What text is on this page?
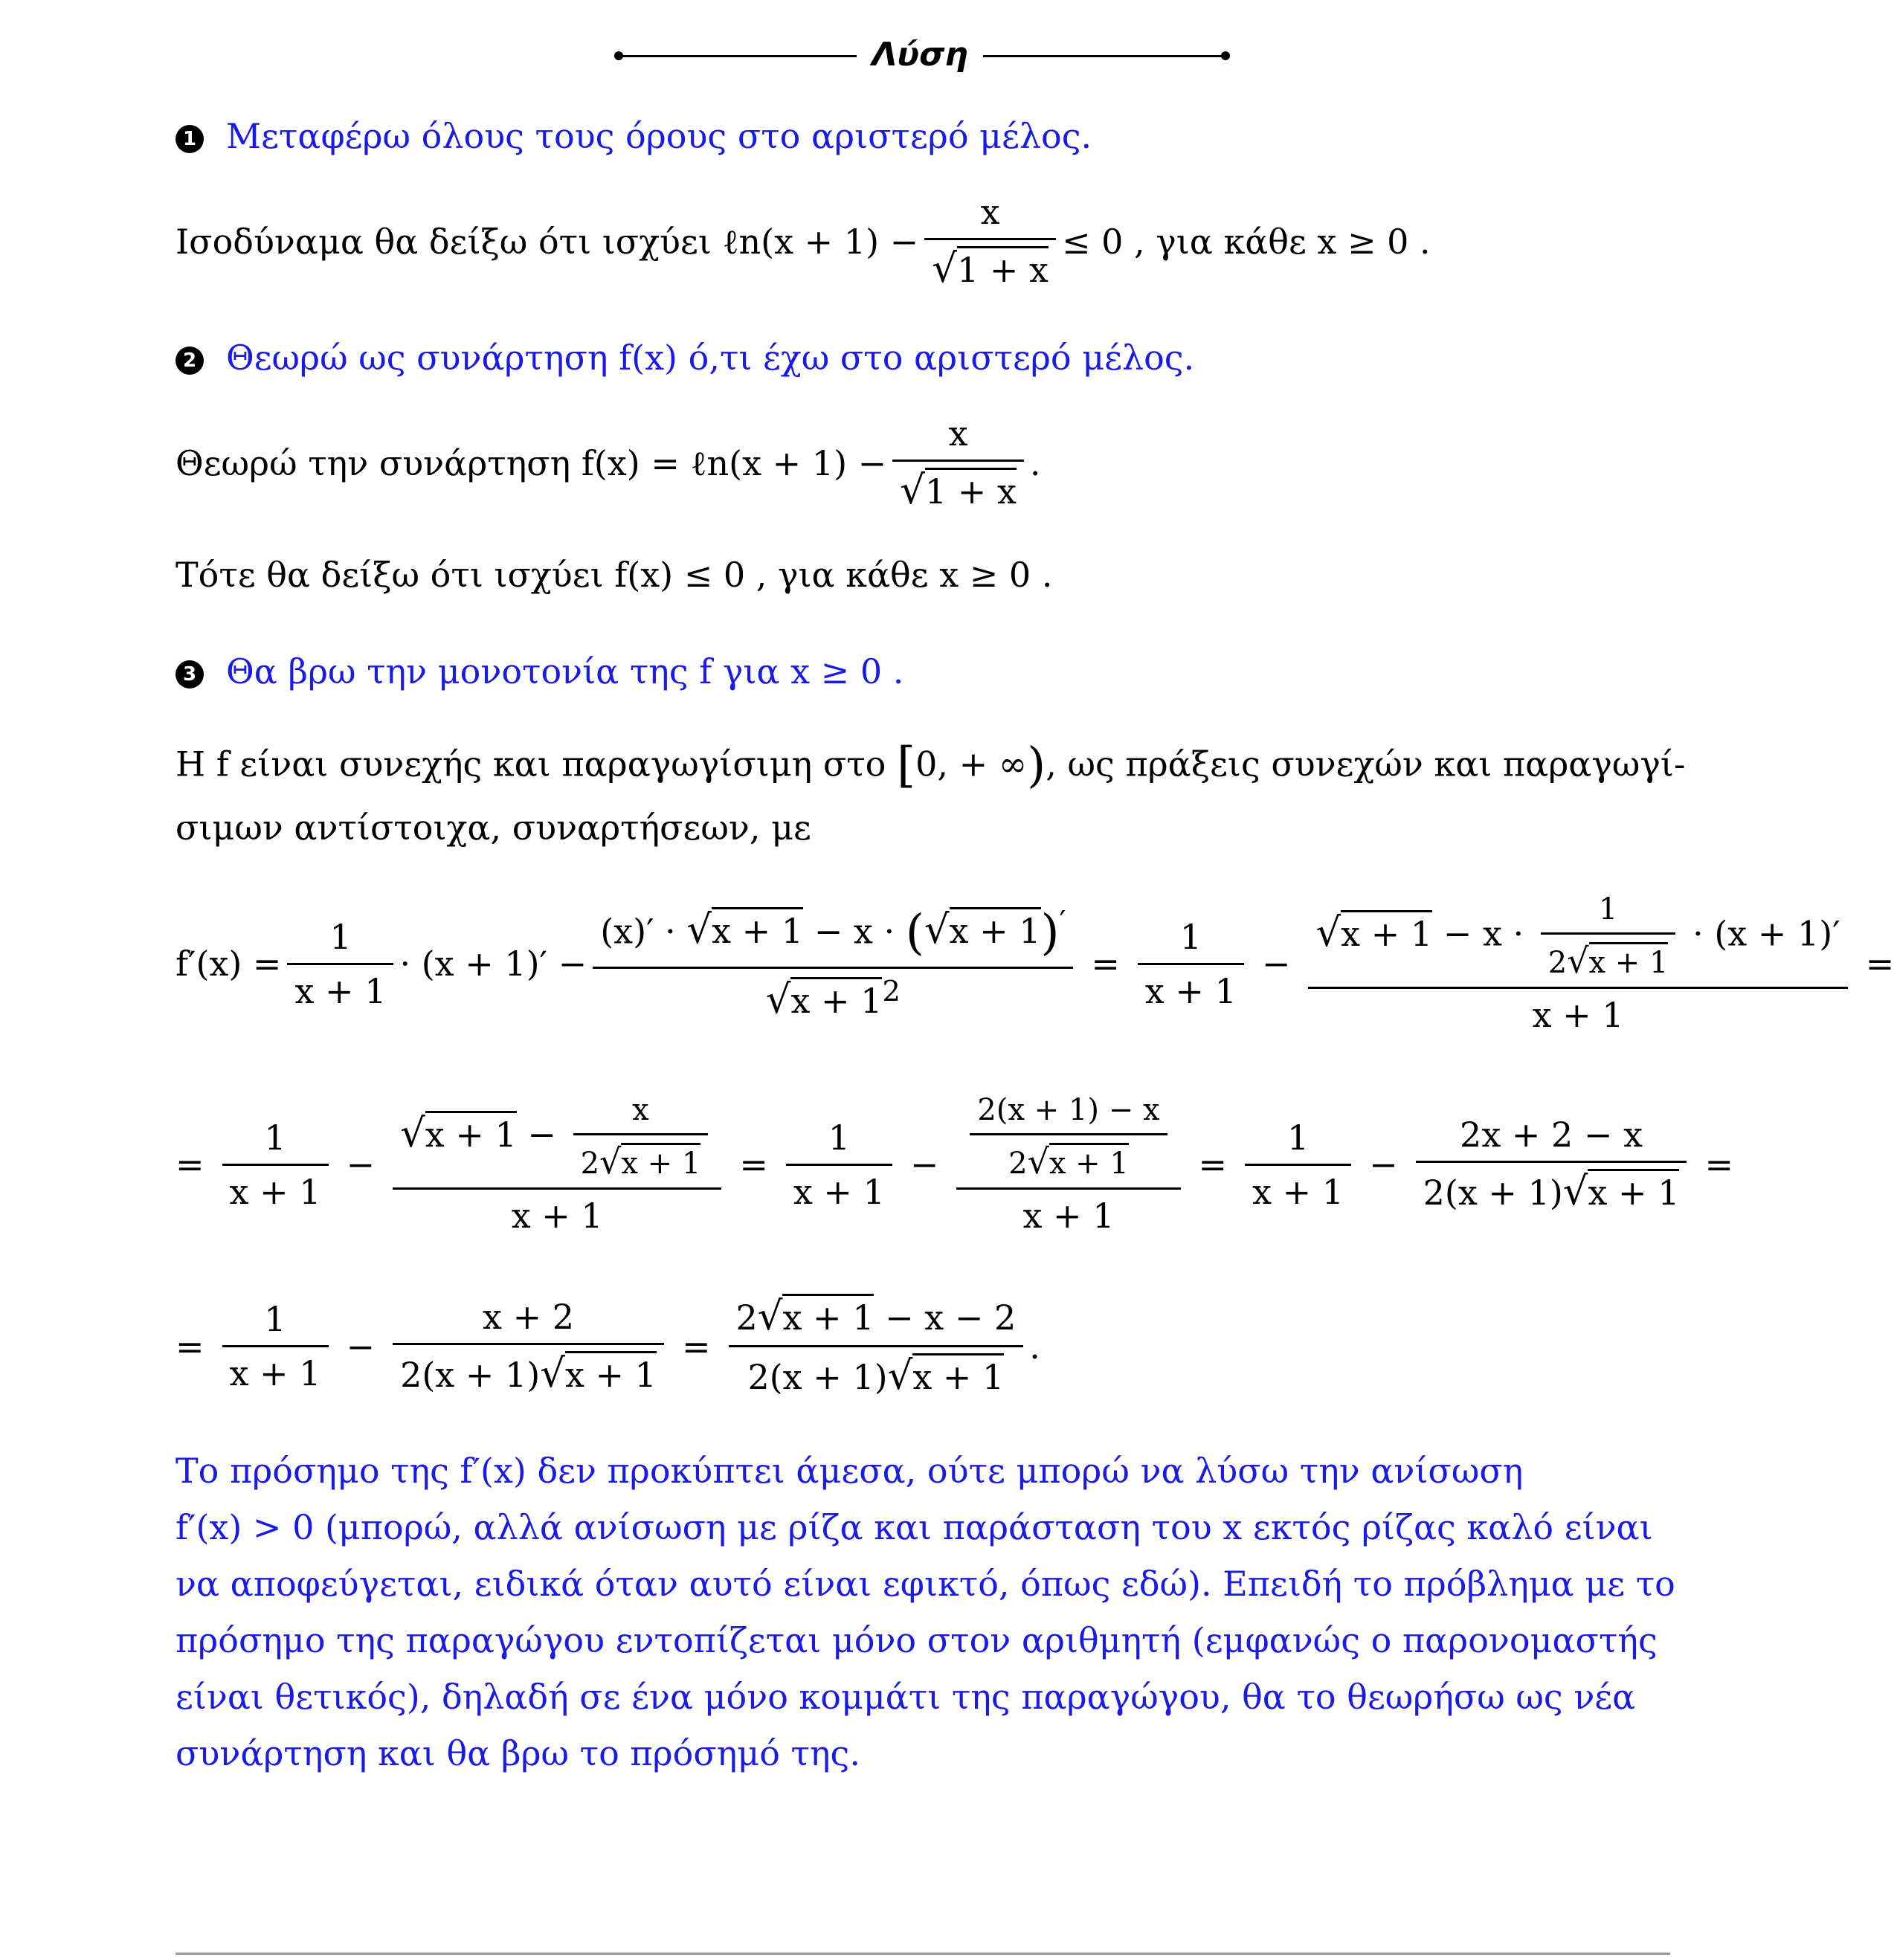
Λύση
1 Μεταφέρω όλους τους όρους στο αριστερό μέλος.
Ισοδύναμα θα δείξω ότι ισχύει ℓn(x + $1) - \frac{x}{√1 + x} \le 0$ , για κάθε x ≥ 0 .
2 Θεωρώ ως συνάρτηση f(x) ό,τι έχω στο αριστερό μέλος.
Θεωρώ την συνάρτηση f(x) = ℓn(x + $1) - \frac{x}{√1 + x}$ .
Τότε θα δείξω ότι ισχύει f(x) ≤ 0 , για κάθε x ≥ 0 .
3 Θα βρω την μονοτονία της f για x ≥ 0 .
Η f είναι συνεχής και παραγωγίσιμη στο [0, + ∞), ως πράξεις συνεχών και παραγωγί-
σιμων αντίστοιχα, συναρτήσεων, με
$f'(x) = \frac{1}{x + 1} \cdot (x + 1)' - \frac{(x)' \cdot √x + 1 - x \cdot (√x + 1)'}{√x + 1^2} = \frac{1}{x + 1} - \frac{√x + 1 - x \cdot \frac{1}{2√x + 1} \cdot (x + 1)'}{x + 1}$ =
= $\frac{1}{x + 1} - \frac{√x + 1 - \frac{x}{2√x + 1}}{x + 1} = \frac{1}{x + 1} - \frac{\frac{2(x + 1) - x}{2√x + 1}}{x + 1} = \frac{1}{x + 1} - \frac{2x + 2 - x}{2(x + 1)√x + 1}$ =
= $\frac{1}{x + 1} - \frac{x + 2}{2(x + 1)√x + 1} = \frac{2√x + 1 - x - 2}{2(x + 1)√x + 1}$ .
Το πρόσημο της f′(x) δεν προκύπτει άμεσα, ούτε μπορώ να λύσω την ανίσωση
f′(x) > 0 (μπορώ, αλλά ανίσωση με ρίζα και παράσταση του x εκτός ρίζας καλό είναι
να αποφεύγεται, ειδικά όταν αυτό είναι εφικτό, όπως εδώ). Επειδή το πρόβλημα με το
πρόσημο της παραγώγου εντοπίζεται μόνο στον αριθμητή (εμφανώς ο παρονομαστής
είναι θετικός), δηλαδή σε ένα μόνο κομμάτι της παραγώγου, θα το θεωρήσω ως νέα
συνάρτηση και θα βρω το πρόσημό της.
